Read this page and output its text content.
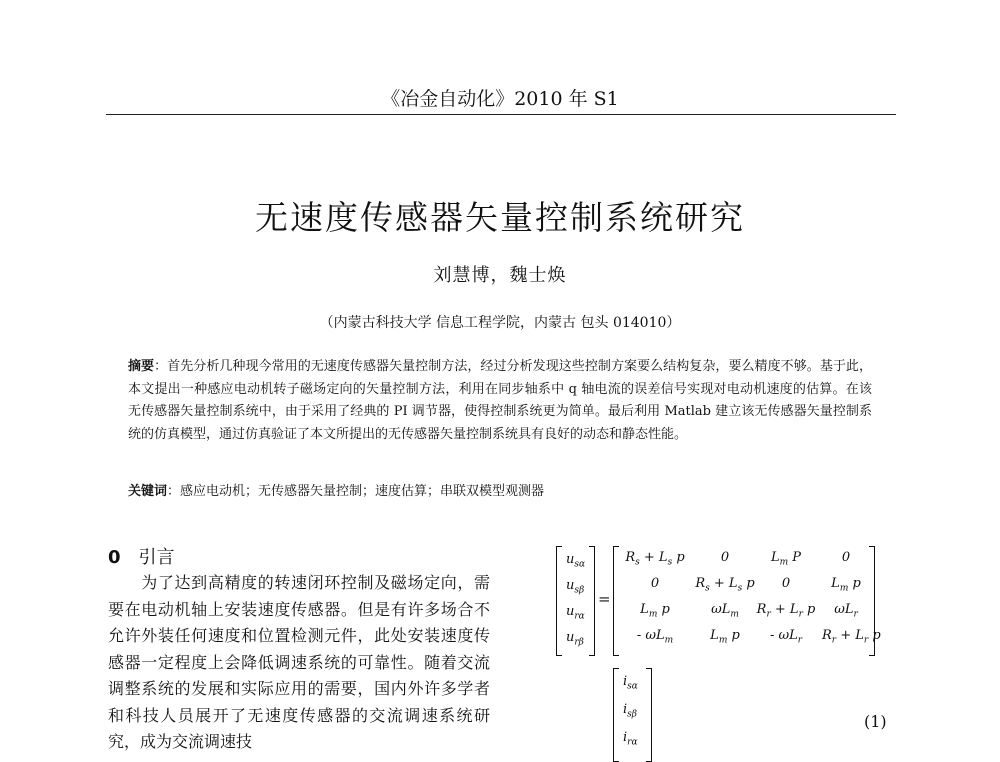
《冶金自动化》2010 年 S1
无速度传感器矢量控制系统研究
刘慧博，魏士焕
（内蒙古科技大学 信息工程学院，内蒙古 包头 014010）
摘要：首先分析几种现今常用的无速度传感器矢量控制方法，经过分析发现这些控制方案要么结构复杂，要么精度不够。基于此，本文提出一种感应电动机转子磁场定向的矢量控制方法，利用在同步轴系中 q 轴电流的误差信号实现对电动机速度的估算。在该无传感器矢量控制系统中，由于采用了经典的 PI 调节器，使得控制系统更为简单。最后利用 Matlab 建立该无传感器矢量控制系统的仿真模型，通过仿真验证了本文所提出的无传感器矢量控制系统具有良好的动态和静态性能。
关键词：感应电动机；无传感器矢量控制；速度估算；串联双模型观测器
0 引言
　　为了达到高精度的转速闭环控制及磁场定向，需要在电动机轴上安装速度传感器。但是有许多场合不允许外装任何速度和位置检测元件，此处安装速度传感器一定程度上会降低调速系统的可靠性。随着交流调整系统的发展和实际应用的需要，国内外许多学者和科技人员展开了无速度传感器的交流调速系统研究，成为交流调速技
$u_{s\alpha}$
$u_{s\beta}$
$u_{r\alpha}$
$u_{r\beta}$
=
$R_s + L_s$ p	0	$L_m$ P	0
0	$R_s + L_s$ p	0	$L_m$ p
$L_m$ p	$\omega L_m$	$R_r + L_r$ p	$\omega L_r$
- $\omega L_m$	$L_m$ p	- $\omega L_r$	$R_r + L_r$ p
$i_{s\alpha}$
$i_{s\beta}$
$i_{r\alpha}$
(1)
